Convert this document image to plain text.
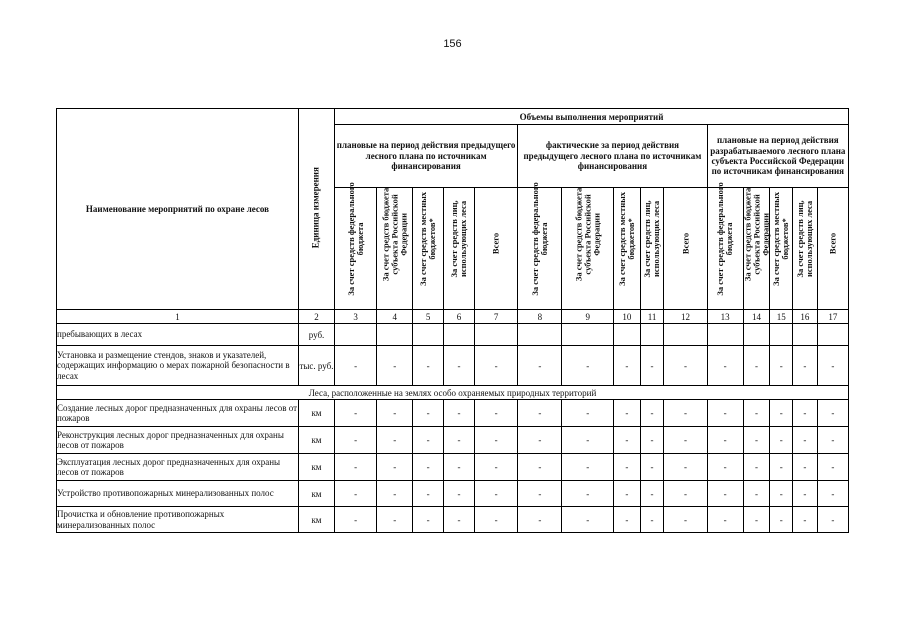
156
Наименование мероприятий по охране лесов	Единица измерения	Объемы выполнения мероприятий														
		плановые на период действия предыдущего лесного плана по источникам финансирования					фактические за период действия предыдущего лесного плана по источникам финансирования					плановые на период действия разрабатываемого лесного плана субъекта Российской Федерации по источникам финансирования				

		За счет средств федерального бюджета	За счет средств бюджета субъекта Российской Федерации	За счет средств местных бюджетов*	За счет средств лиц, использующих леса	Всего	За счет средств федерального бюджета	За счет средств бюджета субъекта Российской Федерации	За счет средств местных бюджетов*	За счет средств лиц, использующих леса	Всего	За счет средств федерального бюджета	За счет средств бюджета субъекта Российской Федерации	За счет средств местных бюджетов*	За счет средств лиц, использующих леса	Всего

1	2	3	4	5	6	7	8	9	10	11	12	13	14	15	16	17
пребывающих в лесах	руб.															
Установка и размещение стендов, знаков и указателей, содержащих информацию о мерах пожарной безопасности в лесах	тыс. руб.	-	-	-	-	-	-	-	-	-	-	-	-	-	-	-
Леса, расположенные на землях особо охраняемых природных территорий																
Создание лесных дорог предназначенных для охраны лесов от пожаров	км	-	-	-	-	-	-	-	-	-	-	-	-	-	-	-
Реконструкция лесных дорог предназначенных для охраны лесов от пожаров	км	-	-	-	-	-	-	-	-	-	-	-	-	-	-	-
Эксплуатация лесных дорог предназначенных для охраны лесов от пожаров	км	-	-	-	-	-	-	-	-	-	-	-	-	-	-	-
Устройство противопожарных минерализованных полос	км	-	-	-	-	-	-	-	-	-	-	-	-	-	-	-
Прочистка и обновление противопожарных минерализованных полос	км	-	-	-	-	-	-	-	-	-	-	-	-	-	-	-
